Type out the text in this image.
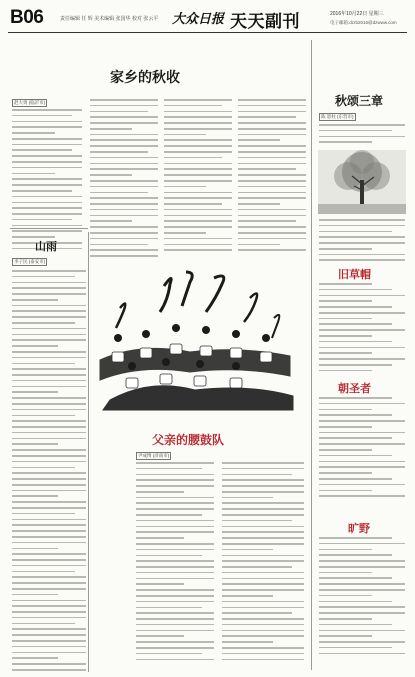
B06	责任编辑 任 辉 美术编辑 张国华 校对 张云平 大众日报 天天副刊	2016年10月22日 星期三
电子邮箱:dzrb2016@dzwww.com
家乡的秋收
赵大勇 (临沂市)
山雨
李子民 (泰安市)
父亲的腰鼓队
尹成博 (济南市)
秋颂三章
陈 恩柱 (东营市)
旧草帽
朝圣者
旷野
